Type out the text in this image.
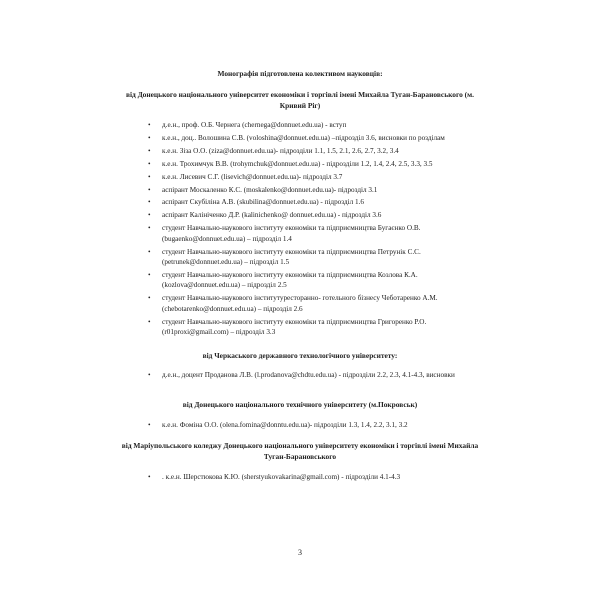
Монографія підготовлена колективом науковців:
від Донецького національного університет економіки і торгівлі імені Михайла Туган-Барановського (м. Кривий Ріг)
• д.е.н., проф. О.Б. Чернега (chernega@donnuet.edu.ua) - вступ
• к.е.н., доц.. Волошина С.В. (voloshina@donnuet.edu.ua) –підрозділ 3.6, висновки по розділам
• к.е.н. Зіза О.О. (ziza@donnuet.edu.ua)- підрозділи 1.1, 1.5, 2.1, 2.6, 2.7, 3.2, 3.4
• к.е.н. Трохимчук В.В. (trohymchuk@donnuet.edu.ua) - підрозділи 1.2, 1.4, 2.4, 2.5, 3.3, 3.5
• к.е.н. Лисевич С.Г. (lisevich@donnuet.edu.ua)- підрозділ 3.7
• аспірант Москаленко К.С. (moskalenko@donnuet.edu.ua)- підрозділ 3.1
• аспірант Скубіліна А.В. (skubilina@donnuet.edu.ua) - підрозділ 1.6
• аспірант Калініченко Д.Р. (kalinichenko@ donnuet.edu.ua) - підрозділ 3.6
• студент Навчально-наукового інституту економіки та підприємництва Бугаєнко О.В. (bugaenko@donnuet.edu.ua) – підрозділ 1.4
• студент Навчально-наукового інституту економіки та підприємництва Петрунік С.С. (petrunek@donnuet.edu.ua) – підрозділ 1.5
• студент Навчально-наукового інституту економіки та підприємництва Козлова К.А. (kozlova@donnuet.edu.ua) – підрозділ 2.5
• студент Навчально-наукового інститутуресторанно- готельного бізнесу Чеботаренко А.М. (chebotarenko@donnuet.edu.ua) – підрозділ 2.6
• студент Навчально-наукового інституту економіки та підприємництва Григоренко Р.О. (r01proxi@gmail.com) – підрозділ 3.3
від Черкаського державного технологічного університету:
• д.е.н., доцент Проданова Л.В. (l.prodanova@chdtu.edu.ua) - підрозділи 2.2, 2.3, 4.1-4.3, висновки
від Донецького національного технічного університету (м.Покровськ)
• к.е.н. Фоміна О.О. (olena.fomina@donntu.edu.ua)- підрозділи 1.3, 1.4, 2.2, 3.1, 3.2
від Маріупольського коледжу Донецького національного університету економіки і торгівлі імені Михайла Туган-Барановського
• . к.е.н. Шерстюкова К.Ю. (sherstyukovakarina@gmail.com) - підрозділи 4.1-4.3
3
